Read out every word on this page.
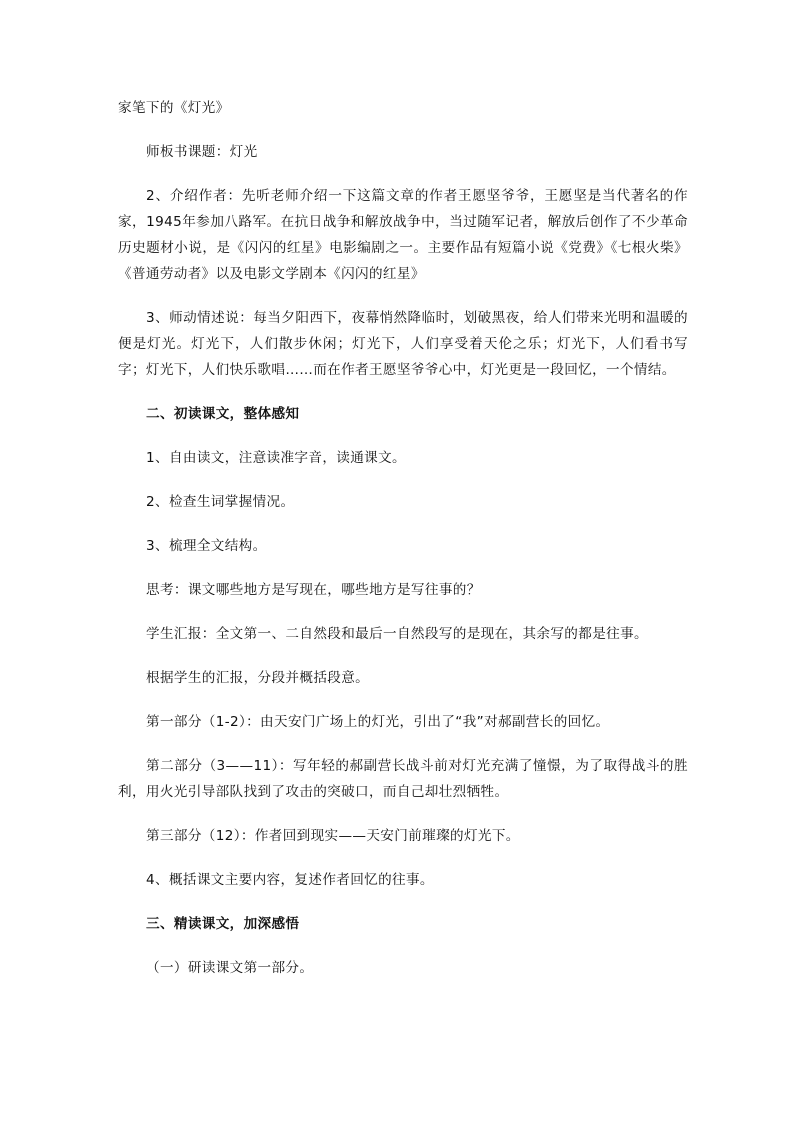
家笔下的《灯光》

师板书课题：灯光

2、介绍作者：先听老师介绍一下这篇文章的作者王愿坚爷爷，王愿坚是当代著名的作家，1945年参加八路军。在抗日战争和解放战争中，当过随军记者，解放后创作了不少革命历史题材小说，是《闪闪的红星》电影编剧之一。主要作品有短篇小说《党费》《七根火柴》《普通劳动者》以及电影文学剧本《闪闪的红星》

3、师动情述说：每当夕阳西下，夜幕悄然降临时，划破黑夜，给人们带来光明和温暖的便是灯光。灯光下，人们散步休闲；灯光下，人们享受着天伦之乐；灯光下，人们看书写字；灯光下，人们快乐歌唱……而在作者王愿坚爷爷心中，灯光更是一段回忆，一个情结。

二、初读课文，整体感知

1、自由读文，注意读准字音，读通课文。

2、检查生词掌握情况。

3、梳理全文结构。

思考：课文哪些地方是写现在，哪些地方是写往事的？

学生汇报：全文第一、二自然段和最后一自然段写的是现在，其余写的都是往事。

根据学生的汇报，分段并概括段意。

第一部分（1-2）：由天安门广场上的灯光，引出了“我”对郝副营长的回忆。

第二部分（3——11）：写年轻的郝副营长战斗前对灯光充满了憧憬，为了取得战斗的胜利，用火光引导部队找到了攻击的突破口，而自己却壮烈牺牲。

第三部分（12）：作者回到现实——天安门前璀璨的灯光下。

4、概括课文主要内容，复述作者回忆的往事。

三、精读课文，加深感悟

（一）研读课文第一部分。
